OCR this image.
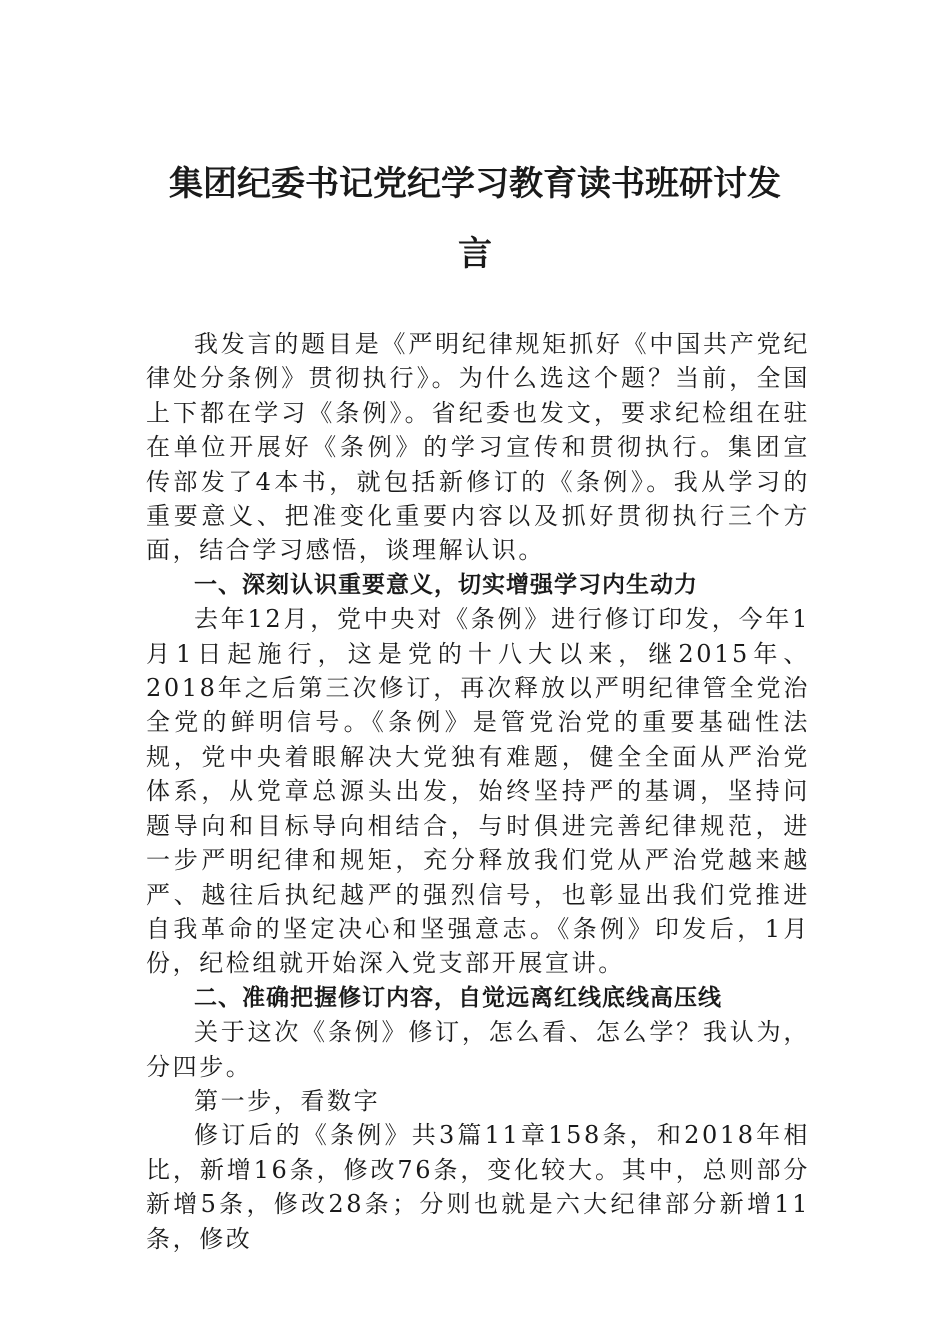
集团纪委书记党纪学习教育读书班研讨发
言

我发言的题目是《严明纪律规矩抓好《中国共产党纪律处分条例》贯彻执行》。为什么选这个题？当前，全国上下都在学习《条例》。省纪委也发文，要求纪检组在驻在单位开展好《条例》的学习宣传和贯彻执行。集团宣传部发了4本书，就包括新修订的《条例》。我从学习的重要意义、把准变化重要内容以及抓好贯彻执行三个方面，结合学习感悟，谈理解认识。

一、深刻认识重要意义，切实增强学习内生动力

去年12月，党中央对《条例》进行修订印发，今年1月1日起施行，这是党的十八大以来，继2015年、2018年之后第三次修订，再次释放以严明纪律管全党治全党的鲜明信号。《条例》是管党治党的重要基础性法规，党中央着眼解决大党独有难题，健全全面从严治党体系，从党章总源头出发，始终坚持严的基调，坚持问题导向和目标导向相结合，与时俱进完善纪律规范，进一步严明纪律和规矩，充分释放我们党从严治党越来越严、越往后执纪越严的强烈信号，也彰显出我们党推进自我革命的坚定决心和坚强意志。《条例》印发后，1月份，纪检组就开始深入党支部开展宣讲。

二、准确把握修订内容，自觉远离红线底线高压线

关于这次《条例》修订，怎么看、怎么学？我认为，分四步。

第一步，看数字

修订后的《条例》共3篇11章158条，和2018年相比，新增16条，修改76条，变化较大。其中，总则部分新增5条，修改28条；分则也就是六大纪律部分新增11条，修改
